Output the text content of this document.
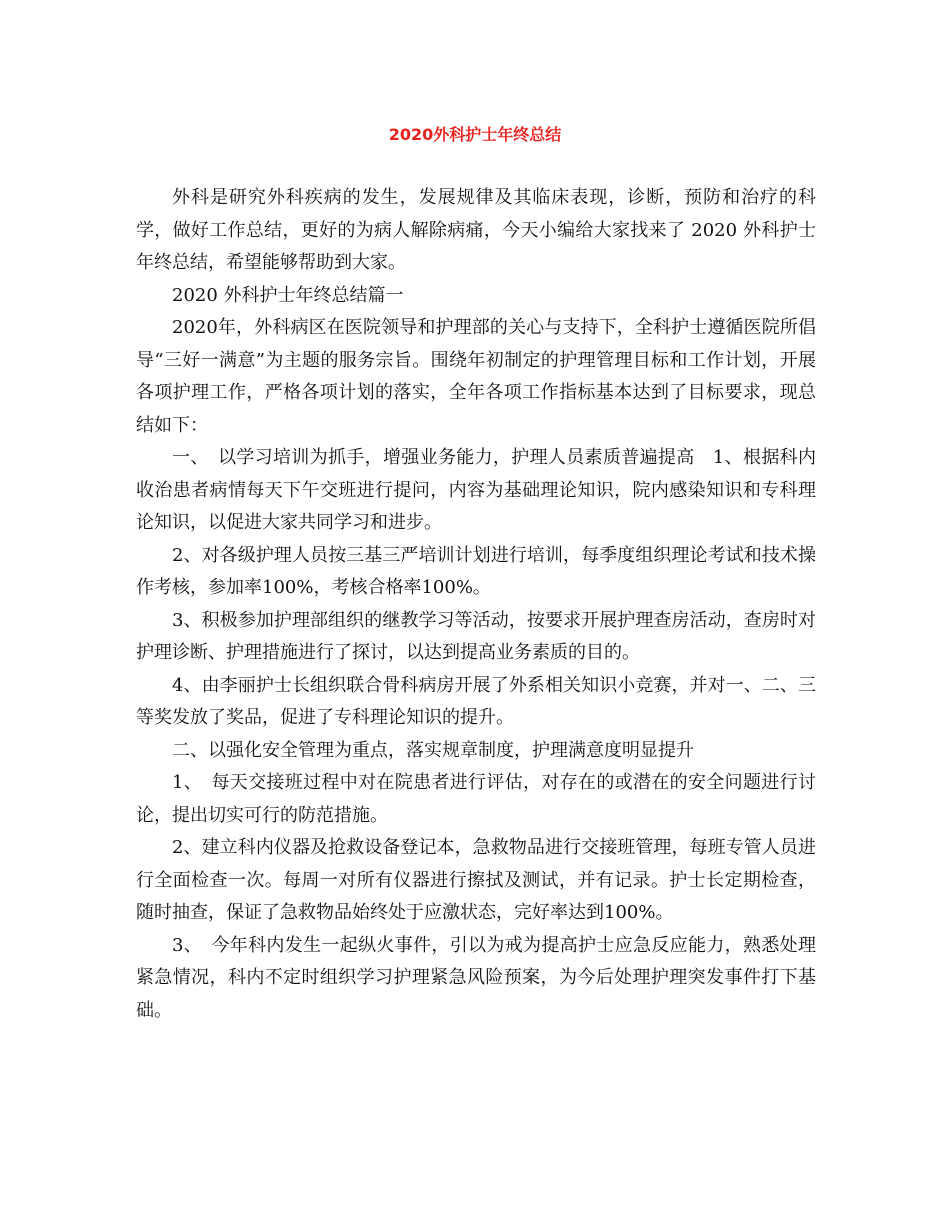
2020外科护士年终总结

外科是研究外科疾病的发生，发展规律及其临床表现，诊断，预防和治疗的科学，做好工作总结，更好的为病人解除病痛，今天小编给大家找来了 2020 外科护士年终总结，希望能够帮助到大家。

2020 外科护士年终总结篇一

2020年，外科病区在医院领导和护理部的关心与支持下，全科护士遵循医院所倡导“三好一满意”为主题的服务宗旨。围绕年初制定的护理管理目标和工作计划，开展各项护理工作，严格各项计划的落实，全年各项工作指标基本达到了目标要求，现总结如下：

一、　以学习培训为抓手，增强业务能力，护理人员素质普遍提高　1、根据科内收治患者病情每天下午交班进行提问，内容为基础理论知识，院内感染知识和专科理论知识，以促进大家共同学习和进步。

2、对各级护理人员按三基三严培训计划进行培训，每季度组织理论考试和技术操作考核，参加率100%，考核合格率100%。

3、积极参加护理部组织的继教学习等活动，按要求开展护理查房活动，查房时对护理诊断、护理措施进行了探讨，以达到提高业务素质的目的。

4、由李丽护士长组织联合骨科病房开展了外系相关知识小竞赛，并对一、二、三等奖发放了奖品，促进了专科理论知识的提升。

二、以强化安全管理为重点，落实规章制度，护理满意度明显提升

1、　每天交接班过程中对在院患者进行评估，对存在的或潜在的安全问题进行讨论，提出切实可行的防范措施。

2、建立科内仪器及抢救设备登记本，急救物品进行交接班管理，每班专管人员进行全面检查一次。每周一对所有仪器进行擦拭及测试，并有记录。护士长定期检查，随时抽查，保证了急救物品始终处于应激状态，完好率达到100%。

3、　今年科内发生一起纵火事件，引以为戒为提高护士应急反应能力，熟悉处理紧急情况，科内不定时组织学习护理紧急风险预案，为今后处理护理突发事件打下基础。
